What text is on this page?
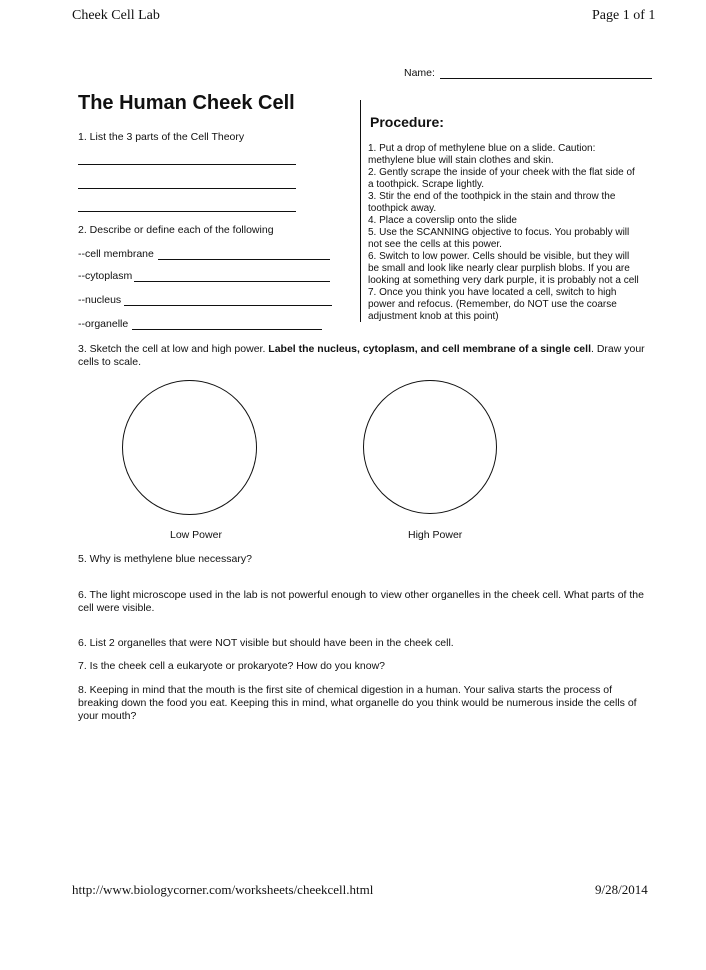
Cheek Cell Lab	Page 1 of 1
Name:
The Human Cheek Cell
1. List the 3 parts of the Cell Theory
2. Describe or define each of the following
--cell membrane
--cytoplasm
--nucleus
--organelle
Procedure:

1. Put a drop of methylene blue on a slide. Caution: methylene blue will stain clothes and skin.

2. Gently scrape the inside of your cheek with the flat side of a toothpick. Scrape lightly.

3. Stir the end of the toothpick in the stain and throw the toothpick away.

4. Place a coverslip onto the slide

5. Use the SCANNING objective to focus. You probably will not see the cells at this power.

6. Switch to low power. Cells should be visible, but they will be small and look like nearly clear purplish blobs. If you are looking at something very dark purple, it is probably not a cell

7. Once you think you have located a cell, switch to high power and refocus. (Remember, do NOT use the coarse adjustment knob at this point)

3. Sketch the cell at low and high power. Label the nucleus, cytoplasm, and cell membrane of a single cell. Draw your cells to scale.
Low Power	High Power
5. Why is methylene blue necessary?
6. The light microscope used in the lab is not powerful enough to view other organelles in the cheek cell. What parts of the cell were visible.
6. List 2 organelles that were NOT visible but should have been in the cheek cell.
7. Is the cheek cell a eukaryote or prokaryote? How do you know?
8. Keeping in mind that the mouth is the first site of chemical digestion in a human. Your saliva starts the process of breaking down the food you eat. Keeping this in mind, what organelle do you think would be numerous inside the cells of your mouth?
http://www.biologycorner.com/worksheets/cheekcell.html	9/28/2014
